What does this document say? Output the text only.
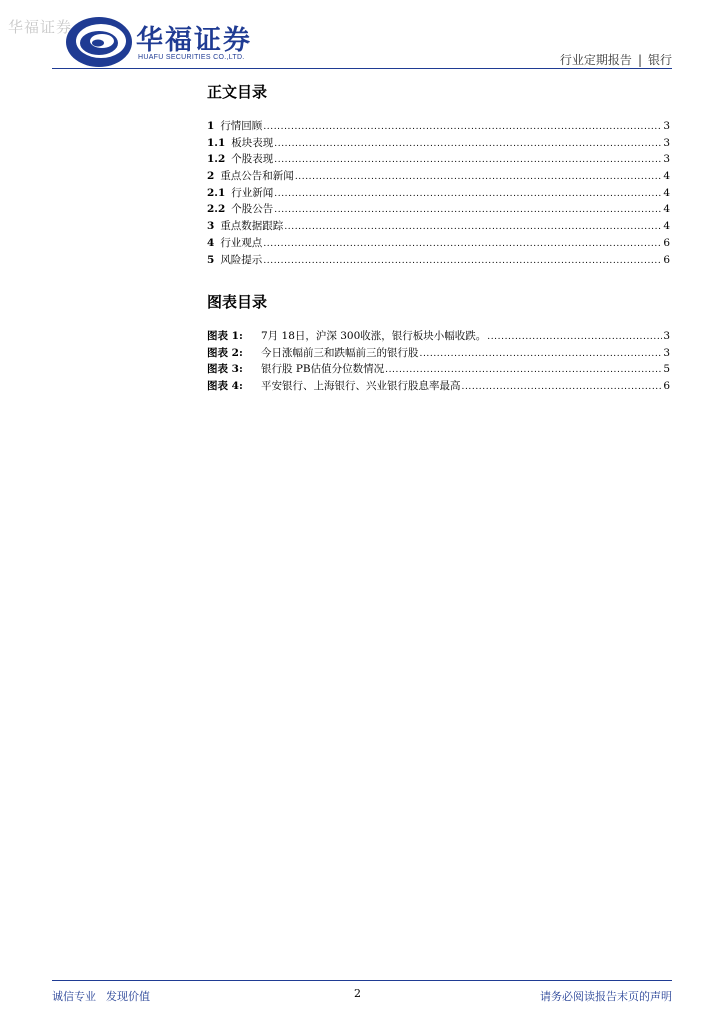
华福证券 华福证券
HUAFU SECURITIES CO.,LTD.	行业定期报告 | 银行
正文目录
1 行情回顾 .....	3
1.1 板块表现 .....	3
1.2 个股表现 .....	3
2 重点公告和新闻 .....	4
2.1 行业新闻 .....	4
2.2 个股公告 .....	4
3 重点数据跟踪 .....	4
4 行业观点 .....	6
5 风险提示 .....	6
图表目录
图表 1:	7月 18日，沪深 300收涨，银行板块小幅收跌。 .....	3
图表 2:	今日涨幅前三和跌幅前三的银行股 .....	3
图表 3:	银行股 PB估值分位数情况 .....	5
图表 4:	平安银行、上海银行、兴业银行股息率最高 .....	6
诚信专业 发现价值	2	请务必阅读报告末页的声明
